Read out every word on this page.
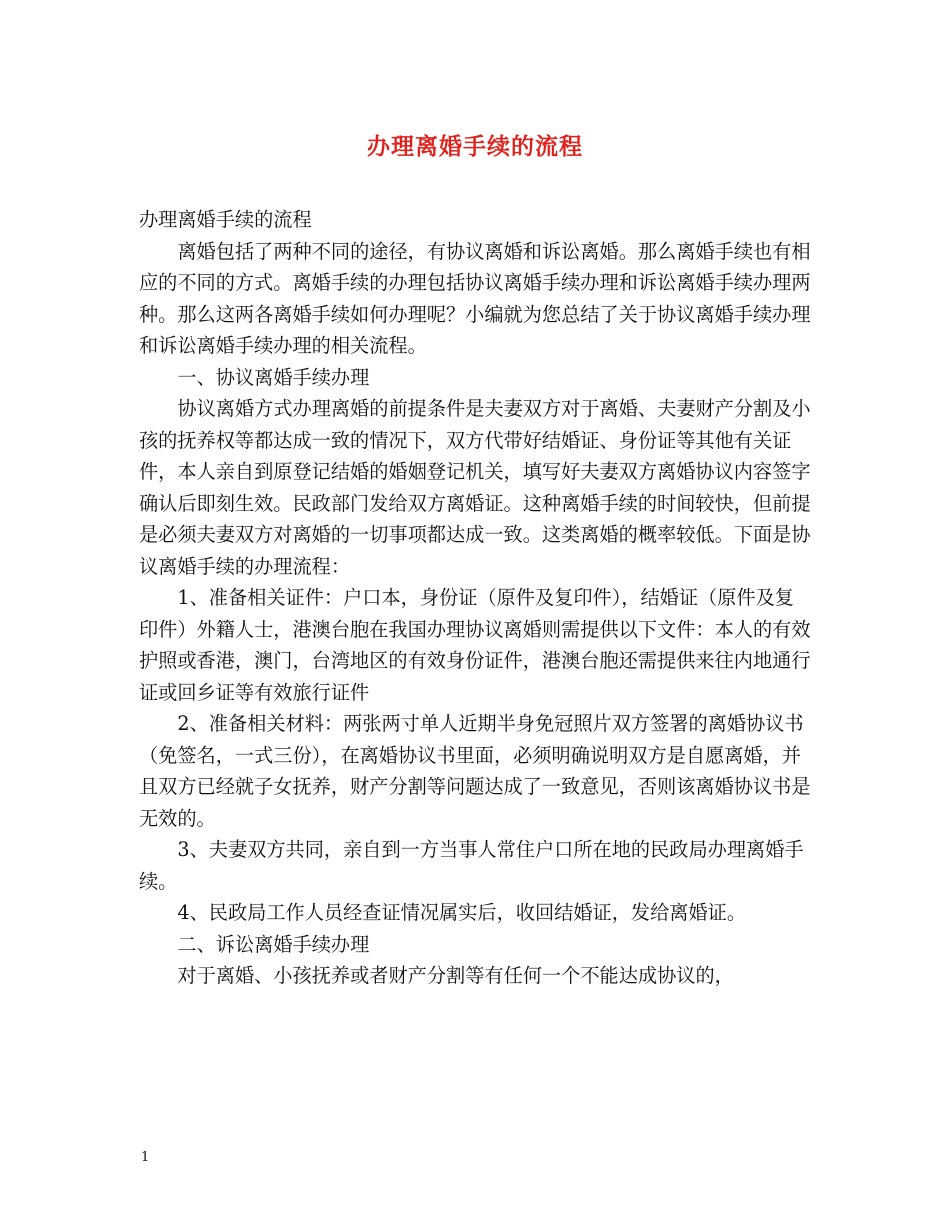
办理离婚手续的流程

办理离婚手续的流程

离婚包括了两种不同的途径，有协议离婚和诉讼离婚。那么离婚手续也有相应的不同的方式。离婚手续的办理包括协议离婚手续办理和诉讼离婚手续办理两种。那么这两各离婚手续如何办理呢？小编就为您总结了关于协议离婚手续办理和诉讼离婚手续办理的相关流程。

一、协议离婚手续办理

协议离婚方式办理离婚的前提条件是夫妻双方对于离婚、夫妻财产分割及小孩的抚养权等都达成一致的情况下，双方代带好结婚证、身份证等其他有关证件，本人亲自到原登记结婚的婚姻登记机关，填写好夫妻双方离婚协议内容签字确认后即刻生效。民政部门发给双方离婚证。这种离婚手续的时间较快，但前提是必须夫妻双方对离婚的一切事项都达成一致。这类离婚的概率较低。下面是协议离婚手续的办理流程：

1、准备相关证件：户口本，身份证（原件及复印件），结婚证（原件及复印件）外籍人士，港澳台胞在我国办理协议离婚则需提供以下文件：本人的有效护照或香港，澳门，台湾地区的有效身份证件，港澳台胞还需提供来往内地通行证或回乡证等有效旅行证件

2、准备相关材料：两张两寸单人近期半身免冠照片双方签署的离婚协议书（免签名，一式三份），在离婚协议书里面，必须明确说明双方是自愿离婚，并且双方已经就子女抚养，财产分割等问题达成了一致意见，否则该离婚协议书是无效的。

3、夫妻双方共同，亲自到一方当事人常住户口所在地的民政局办理离婚手续。

4、民政局工作人员经查证情况属实后，收回结婚证，发给离婚证。

二、诉讼离婚手续办理

对于离婚、小孩抚养或者财产分割等有任何一个不能达成协议的，

1
